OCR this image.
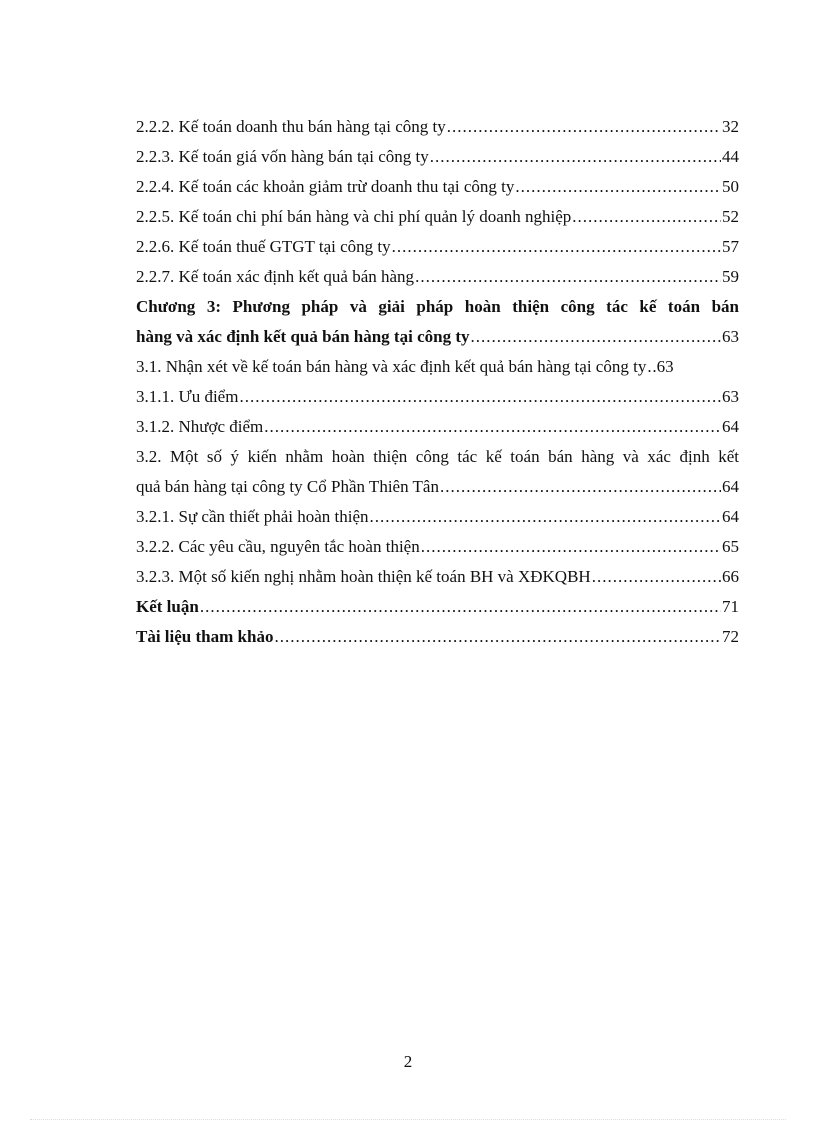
2.2.2. Kế toán doanh thu bán hàng tại công ty .....	32
2.2.3. Kế toán giá vốn hàng bán tại công ty .....	44
2.2.4. Kế toán các khoản giảm trừ doanh thu tại công ty .....	50
2.2.5. Kế toán chi phí bán hàng và chi phí quản lý doanh nghiệp .....	52
2.2.6. Kế toán thuế GTGT tại công ty .....	57
2.2.7. Kế toán xác định kết quả bán hàng .....	59
Chương 3: Phương pháp và giải pháp hoàn thiện công tác kế toán bán
hàng và xác định kết quả bán hàng tại công ty .....	63
3.1. Nhận xét về kế toán bán hàng và xác định kết quả bán hàng tại công ty ..... .63
3.1.1. Ưu điểm .....	63
3.1.2. Nhược điểm .....	64
3.2. Một số ý kiến nhằm hoàn thiện công tác kế toán bán hàng và xác định kết
quả bán hàng tại công ty Cổ Phần Thiên Tân .....	64
3.2.1. Sự cần thiết phải hoàn thiện .....	64
3.2.2. Các yêu cầu, nguyên tắc hoàn thiện .....	65
3.2.3. Một số kiến nghị nhằm hoàn thiện kế toán BH và XĐKQBH .....	66
Kết luận .....	71
Tài liệu tham khảo .....	72
2
